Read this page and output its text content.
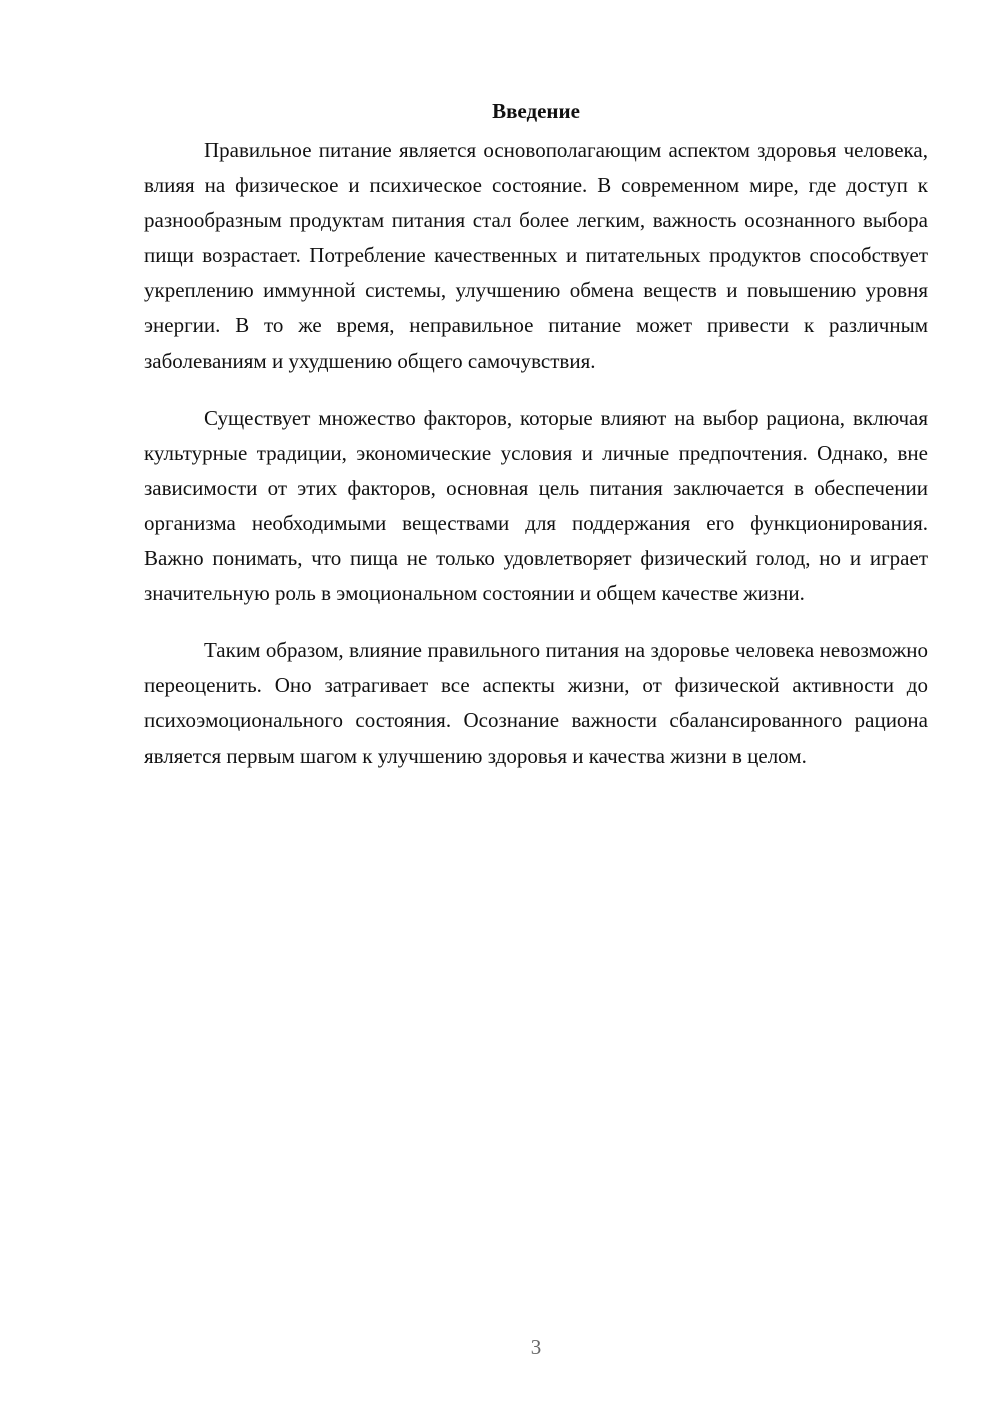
Введение

Правильное питание является основополагающим аспектом здоровья человека, влияя на физическое и психическое состояние. В современном мире, где доступ к разнообразным продуктам питания стал более легким, важность осознанного выбора пищи возрастает. Потребление качественных и питательных продуктов способствует укреплению иммунной системы, улучшению обмена веществ и повышению уровня энергии. В то же время, неправильное питание может привести к различным заболеваниям и ухудшению общего самочувствия.

Существует множество факторов, которые влияют на выбор рациона, включая культурные традиции, экономические условия и личные предпочтения. Однако, вне зависимости от этих факторов, основная цель питания заключается в обеспечении организма необходимыми веществами для поддержания его функционирования. Важно понимать, что пища не только удовлетворяет физический голод, но и играет значительную роль в эмоциональном состоянии и общем качестве жизни.

Таким образом, влияние правильного питания на здоровье человека невозможно переоценить. Оно затрагивает все аспекты жизни, от физической активности до психоэмоционального состояния. Осознание важности сбалансированного рациона является первым шагом к улучшению здоровья и качества жизни в целом.

3
